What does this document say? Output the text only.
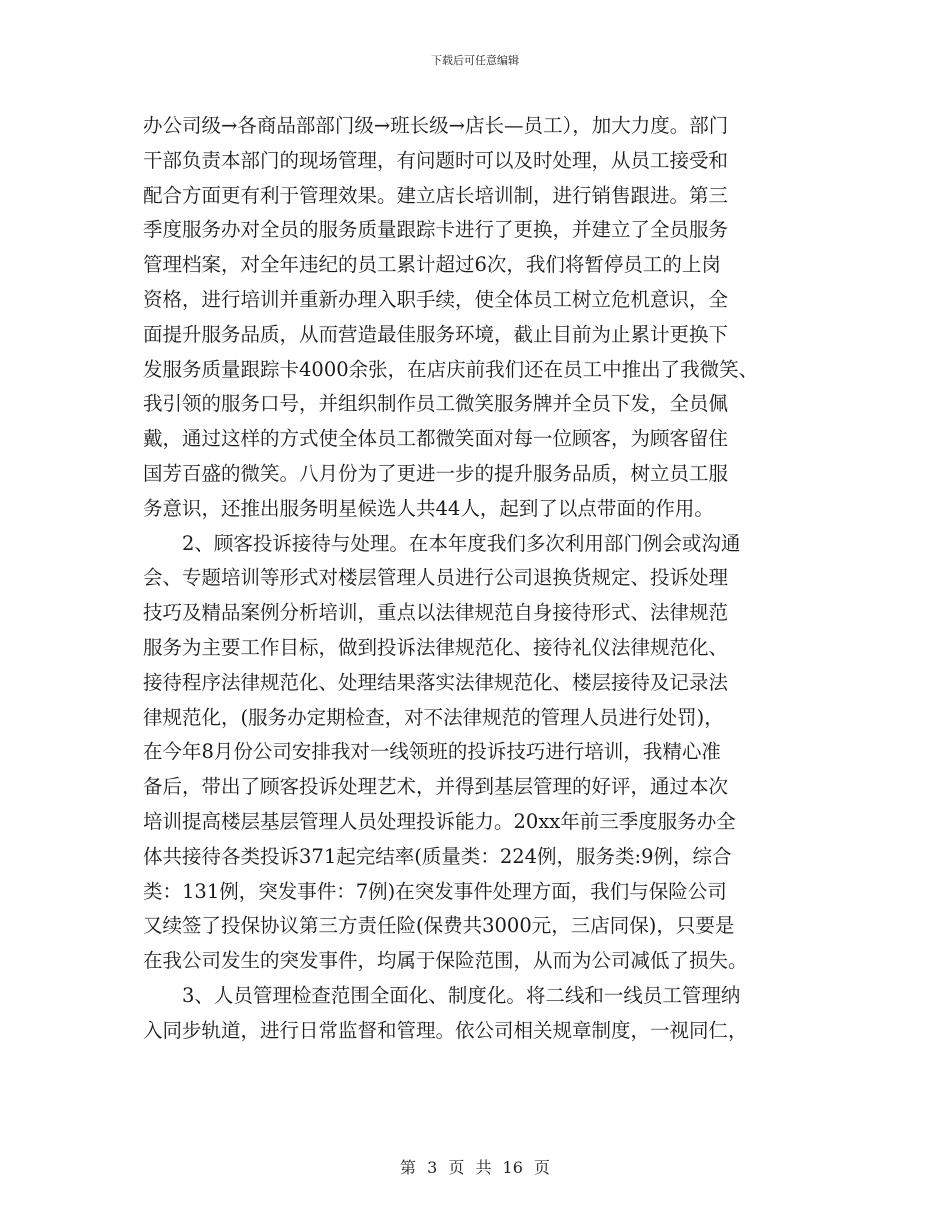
下载后可任意编辑
办公司级→各商品部部门级→班长级→店长—员工），加大力度。部门
干部负责本部门的现场管理，有问题时可以及时处理，从员工接受和
配合方面更有利于管理效果。建立店长培训制，进行销售跟进。第三
季度服务办对全员的服务质量跟踪卡进行了更换，并建立了全员服务
管理档案，对全年违纪的员工累计超过6次，我们将暂停员工的上岗
资格，进行培训并重新办理入职手续，使全体员工树立危机意识，全
面提升服务品质，从而营造最佳服务环境，截止目前为止累计更换下
发服务质量跟踪卡4000余张，在店庆前我们还在员工中推出了我微笑、
我引领的服务口号，并组织制作员工微笑服务牌并全员下发，全员佩
戴，通过这样的方式使全体员工都微笑面对每一位顾客，为顾客留住
国芳百盛的微笑。八月份为了更进一步的提升服务品质，树立员工服
务意识，还推出服务明星候选人共44人，起到了以点带面的作用。
　　2、顾客投诉接待与处理。在本年度我们多次利用部门例会或沟通
会、专题培训等形式对楼层管理人员进行公司退换货规定、投诉处理
技巧及精品案例分析培训，重点以法律规范自身接待形式、法律规范
服务为主要工作目标，做到投诉法律规范化、接待礼仪法律规范化、
接待程序法律规范化、处理结果落实法律规范化、楼层接待及记录法
律规范化，(服务办定期检查，对不法律规范的管理人员进行处罚)，
在今年8月份公司安排我对一线领班的投诉技巧进行培训，我精心准
备后，带出了顾客投诉处理艺术，并得到基层管理的好评，通过本次
培训提高楼层基层管理人员处理投诉能力。20xx年前三季度服务办全
体共接待各类投诉371起完结率(质量类：224例，服务类:9例，综合
类：131例，突发事件：7例)在突发事件处理方面，我们与保险公司
又续签了投保协议第三方责任险(保费共3000元，三店同保)，只要是
在我公司发生的突发事件，均属于保险范围，从而为公司减低了损失。
　　3、人员管理检查范围全面化、制度化。将二线和一线员工管理纳
入同步轨道，进行日常监督和管理。依公司相关规章制度，一视同仁，
第 3 页 共 16 页
